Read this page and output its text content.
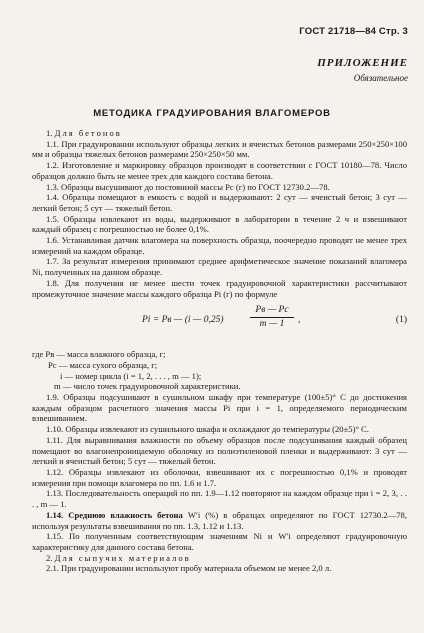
ГОСТ 21718—84 Стр. 3
ПРИЛОЖЕНИЕ
Обязательное
МЕТОДИКА ГРАДУИРОВАНИЯ ВЛАГОМЕРОВ

1. Для бетонов

1.1. При градуировании используют образцы легких и ячеистых бетонов размерами 250×250×100 мм и образцы тяжелых бетонов размерами 250×250×50 мм.

1.2. Изготовление и маркировку образцов производят в соответствии с ГОСТ 10180—78. Число образцов должно быть не менее трех для каждого состава бетона.

1.3. Образцы высушивают до постоянной массы Pc (г) по ГОСТ 12730.2—78.

1.4. Образцы помещают в емкость с водой и выдерживают: 2 сут — ячеистый бетон; 3 сут — легкий бетон; 5 сут — тяжелый бетон.

1.5. Образцы извлекают из воды, выдерживают в лаборатории в течение 2 ч и взвешивают каждый образец с погрешностью не более 0,1%.

1.6. Устанавливая датчик влагомера на поверхность образца, поочередно проводят не менее трех измерений на каждом образце.

1.7. За результат измерения принимают среднее арифметическое значение показаний влагомера Ni, полученных на данном образце.

1.8. Для получения не менее шести точек градуировочной характеристики рассчитывают промежуточное значение массы каждого образца Pi (г) по формуле

Pi = Pв — (i — 0,25)
Pв — Pc
m — 1	,	(1)
где Pв — масса влажного образца, г;
Pc — масса сухого образца, г;
i — номер цикла (i = 1, 2, . . . , m — 1);
m — число точек градуировочной характеристики.

1.9. Образцы подсушивают в сушильном шкафу при температуре (100±5)° С до достижения каждым образцом расчетного значения массы Pi при i = 1, определяемого периодическим взвешиванием.

1.10. Образцы извлекают из сушильного шкафа и охлаждают до температуры (20±5)° С.

1.11. Для выравнивания влажности по объему образцов после подсушивания каждый образец помещают во влагонепроницаемую оболочку из полиэтиленовой пленки и выдерживают: 3 сут — легкий и ячеистый бетон; 5 сут — тяжелый бетон.

1.12. Образцы извлекают из оболочки, взвешивают их с погрешностью 0,1% и проводят измерения при помощи влагомера по пп. 1.6 и 1.7.

1.13. Последовательность операций по пп. 1.9—1.12 повторяют на каждом образце при i = 2, 3, . . . , m — 1.

1.14. Среднюю влажность бетона W′i (%) в образцах определяют по ГОСТ 12730.2—78, используя результаты взвешивания по пп. 1.3, 1.12 и 1.13.

1.15. По полученным соответствующим значениям Ni и W′i определяют градуировочную характеристику для данного состава бетона.

2. Для сыпучих материалов

2.1. При градуировании используют пробу материала объемом не менее 2,0 л.
